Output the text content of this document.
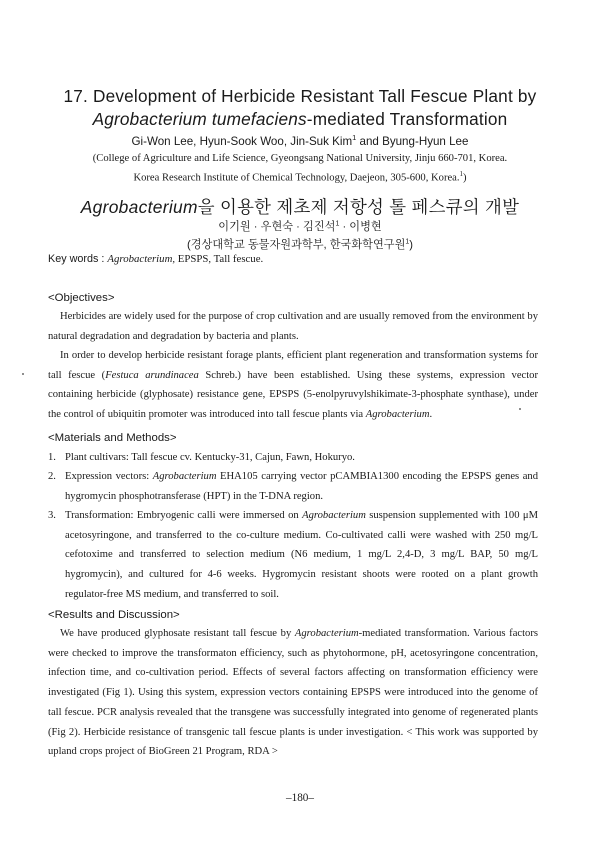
17. Development of Herbicide Resistant Tall Fescue Plant by
Agrobacterium tumefaciens-mediated Transformation
Gi-Won Lee, Hyun-Sook Woo, Jin-Suk Kim$^1$ and Byung-Hyun Lee
(College of Agriculture and Life Science, Gyeongsang National University, Jinju 660-701, Korea.
Korea Research Institute of Chemical Technology, Daejeon, 305-600, Korea.$^1$)
Agrobacterium을 이용한 제초제 저항성 톨 페스큐의 개발
이기원 · 우현숙 · 김진석$^1$ · 이병현
(경상대학교 동물자원과학부, 한국화학연구원$^1$)
Key words : Agrobacterium, EPSPS, Tall fescue.
<Objectives>

Herbicides are widely used for the purpose of crop cultivation and are usually removed from the environment by natural degradation and degradation by bacteria and plants.

In order to develop herbicide resistant forage plants, efficient plant regeneration and transformation systems for tall fescue (Festuca arundinacea Schreb.) have been established. Using these systems, expression vector containing herbicide (glyphosate) resistance gene, EPSPS (5-enolpyruvylshikimate-3-phosphate synthase), under the control of ubiquitin promoter was introduced into tall fescue plants via Agrobacterium.

<Materials and Methods>
1. Plant cultivars: Tall fescue cv. Kentucky-31, Cajun, Fawn, Hokuryo.
2. Expression vectors: Agrobacterium EHA105 carrying vector pCAMBIA1300 encoding the EPSPS genes and hygromycin phosphotransferase (HPT) in the T-DNA region.
3. Transformation: Embryogenic calli were immersed on Agrobacterium suspension supplemented with 100 μM acetosyringone, and transferred to the co-culture medium. Co-cultivated calli were washed with 250 mg/L cefotoxime and transferred to selection medium (N6 medium, 1 mg/L 2,4-D, 3 mg/L BAP, 50 mg/L hygromycin), and cultured for 4-6 weeks. Hygromycin resistant shoots were rooted on a plant growth regulator-free MS medium, and transferred to soil.
<Results and Discussion>

We have produced glyphosate resistant tall fescue by Agrobacterium-mediated transformation. Various factors were checked to improve the transformaton efficiency, such as phytohormone, pH, acetosyringone concentration, infection time, and co-cultivation period. Effects of several factors affecting on transformation efficiency were investigated (Fig 1). Using this system, expression vectors containing EPSPS were introduced into the genome of tall fescue. PCR analysis revealed that the transgene was successfully integrated into genome of regenerated plants (Fig 2). Herbicide resistance of transgenic tall fescue plants is under investigation. < This work was supported by upland crops project of BioGreen 21 Program, RDA >

–180–
